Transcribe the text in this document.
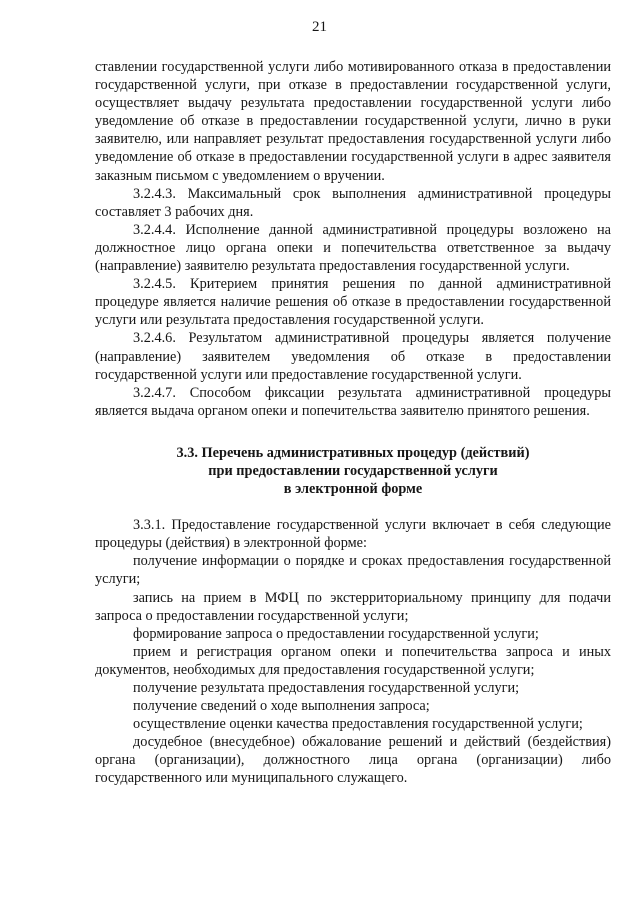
21

ставлении государственной услуги либо мотивированного отказа в предоставлении государственной услуги, при отказе в предоставлении государственной услуги, осуществляет выдачу результата предоставлении государственной услуги либо уведомление об отказе в предоставлении государственной услуги, лично в руки заявителю, или направляет результат предоставления государственной услуги либо уведомление об отказе в предоставлении государственной услуги в адрес заявителя заказным письмом с уведомлением о вручении.

3.2.4.3. Максимальный срок выполнения административной процедуры составляет 3 рабочих дня.

3.2.4.4. Исполнение данной административной процедуры возложено на должностное лицо органа опеки и попечительства ответственное за выдачу (направление) заявителю результата предоставления государственной услуги.

3.2.4.5. Критерием принятия решения по данной административной процедуре является наличие решения об отказе в предоставлении государственной услуги или результата предоставления государственной услуги.

3.2.4.6. Результатом административной процедуры является получение (направление) заявителем уведомления об отказе в предоставлении государственной услуги или предоставление государственной услуги.

3.2.4.7. Способом фиксации результата административной процедуры является выдача органом опеки и попечительства заявителю принятого решения.

3.3. Перечень административных процедур (действий)
при предоставлении государственной услуги
в электронной форме

3.3.1. Предоставление государственной услуги включает в себя следующие процедуры (действия) в электронной форме:

получение информации о порядке и сроках предоставления государственной услуги;

запись на прием в МФЦ по экстерриториальному принципу для подачи запроса о предоставлении государственной услуги;

формирование запроса о предоставлении государственной услуги;

прием и регистрация органом опеки и попечительства запроса и иных документов, необходимых для предоставления государственной услуги;

получение результата предоставления государственной услуги;

получение сведений о ходе выполнения запроса;

осуществление оценки качества предоставления государственной услуги;

досудебное (внесудебное) обжалование решений и действий (бездействия) органа (организации), должностного лица органа (организации) либо государственного или муниципального служащего.
